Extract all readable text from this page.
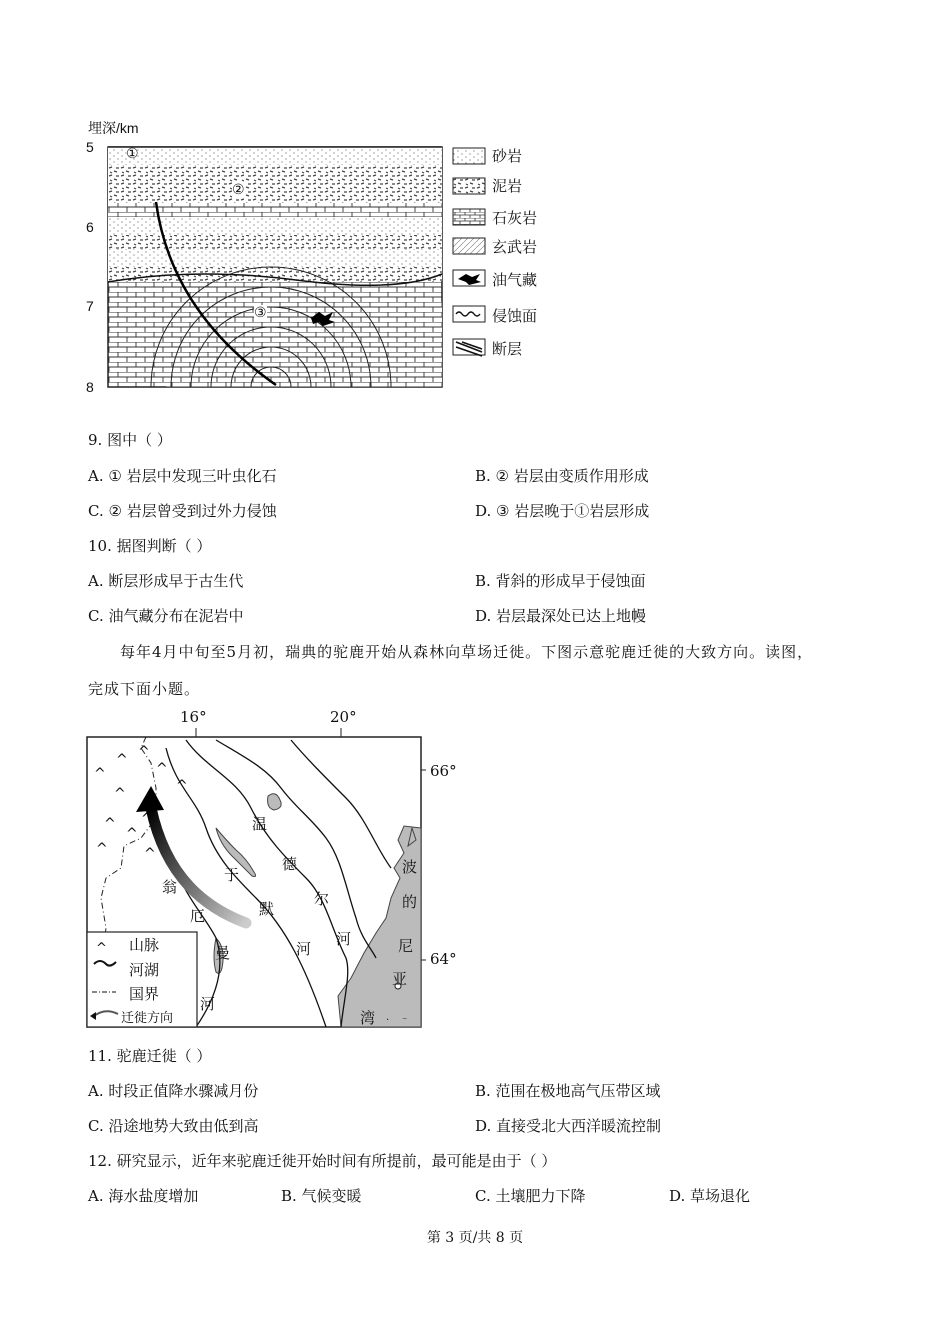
埋深/km
5
6
7
8
①
②
③
砂岩
泥岩
石灰岩
玄武岩
油气藏
侵蚀面
断层
9. 图中（ ）
A. ① 岩层中发现三叶虫化石	B. ② 岩层由变质作用形成
C. ② 岩层曾受到过外力侵蚀	D. ③ 岩层晚于①岩层形成
10. 据图判断（ ）
A. 断层形成早于古生代	B. 背斜的形成早于侵蚀面
C. 油气藏分布在泥岩中	D. 岩层最深处已达上地幔
每年4月中旬至5月初，瑞典的驼鹿开始从森林向草场迁徙。下图示意驼鹿迁徙的大致方向。读图，
完成下面小题。
16°	20°
66°
64°
^
^ ^
^
^
^
^ ^
^
^
^
· ⁻
^ 山脉
河湖
国界
迁徙方向
翁
厄
曼
河
于
默
河
温
德
尔
河
波
的
尼
亚
湾
11. 驼鹿迁徙（ ）
A. 时段正值降水骤减月份	B. 范围在极地高气压带区域
C. 沿途地势大致由低到高	D. 直接受北大西洋暖流控制
12. 研究显示，近年来驼鹿迁徙开始时间有所提前，最可能是由于（ ）
A. 海水盐度增加	B. 气候变暖	C. 土壤肥力下降	D. 草场退化
第 3 页/共 8 页
